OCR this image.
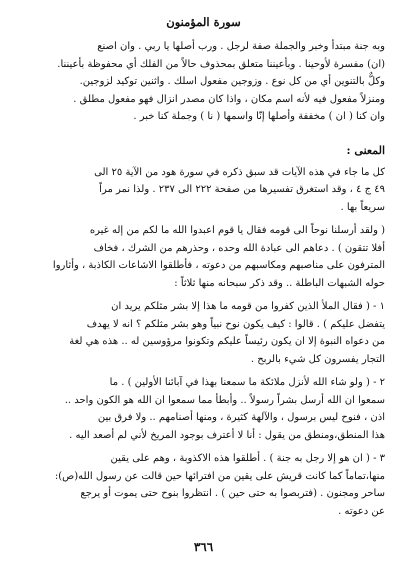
سورة المؤمنون

وبه جنة مبتدأ وخبر والجملة صفة لرجل . ورب أصلها يا ربي . وان اصنع

(ان) مفسرة لأوحينا . وبأعيننا متعلق بمحذوف حالاً من الفلك أي محفوظة بأعيننا.

وكلٌّ بالتنوين أي من كل نوع . وزوجين مفعول اسلك . واثنين توكيد لزوجين.

ومنزلاً مفعول فيه لأنه اسم مكان ، واذا كان مصدر انزال فهو مفعول مطلق .

وان كنا ( ان ) مخففة وأصلها إنّا واسمها ( نا ) وجملة كنا خبر .

المعنى :

كل ما جاء في هذه الآيات قد سبق ذكره في سورة هود من الآية ٢٥ الى

٤٩ ج ٤ ، وقد استغرق تفسيرها من صفحة ٢٢٢ الى ٢٣٧ . ولذا نمر مراً

سريعاً بها .

( ولقد أرسلنا نوحاً الى قومه فقال يا قوم اعبدوا الله ما لكم من إله غيره

أفلا تتقون ) . دعاهم الى عبادة الله وحده ، وحذرهم من الشرك ، فخاف

المترفون على مناصبهم ومكاسبهم من دعوته ، فأطلقوا الاشاعات الكاذبة ، وأثاروا

حوله الشبهات الباطلة .. وقد ذكر سبحانه منها ثلاثاً :

١ - ( فقال الملأ الذين كفروا من قومه ما هذا إلا بشر مثلكم يريد ان

يتفضل عليكم ) . قالوا : كيف يكون نوح نبياً وهو بشر مثلكم ؟ انه لا يهدف

من دعواه النبوة إلا ان يكون رئيساً عليكم وتكونوا مرؤوسين له .. هذه هي لغة

التجار يفسرون كل شيء بالربح .

٢ - ( ولو شاء الله لأنزل ملائكة ما سمعنا بهذا في آبائنا الأولين ) . ما

سمعوا ان الله أرسل بشراً رسولاً .. وأبطأ مما سمعوا ان الله هو الكون واحد ..

اذن ، فنوح ليس برسول ، والآلهة كثيرة ، ومنها أصنامهم .. ولا فرق بين

هذا المنطق،ومنطق من يقول : أنا لا أعترف بوجود المريخ لأني لم أصعد اليه .

٣ - ( ان هو إلا رجل به جنة ) . أطلقوا هذه الاكذوبة ، وهم على يقين

منها،تماماً كما كانت قريش على يقين من افترائها حين قالت عن رسول الله(ص):

ساحر ومجنون . (فتربصوا به حتى حين ) . انتظروا بنوح حتى يموت أو يرجع

عن دعوته .

٣٦٦
